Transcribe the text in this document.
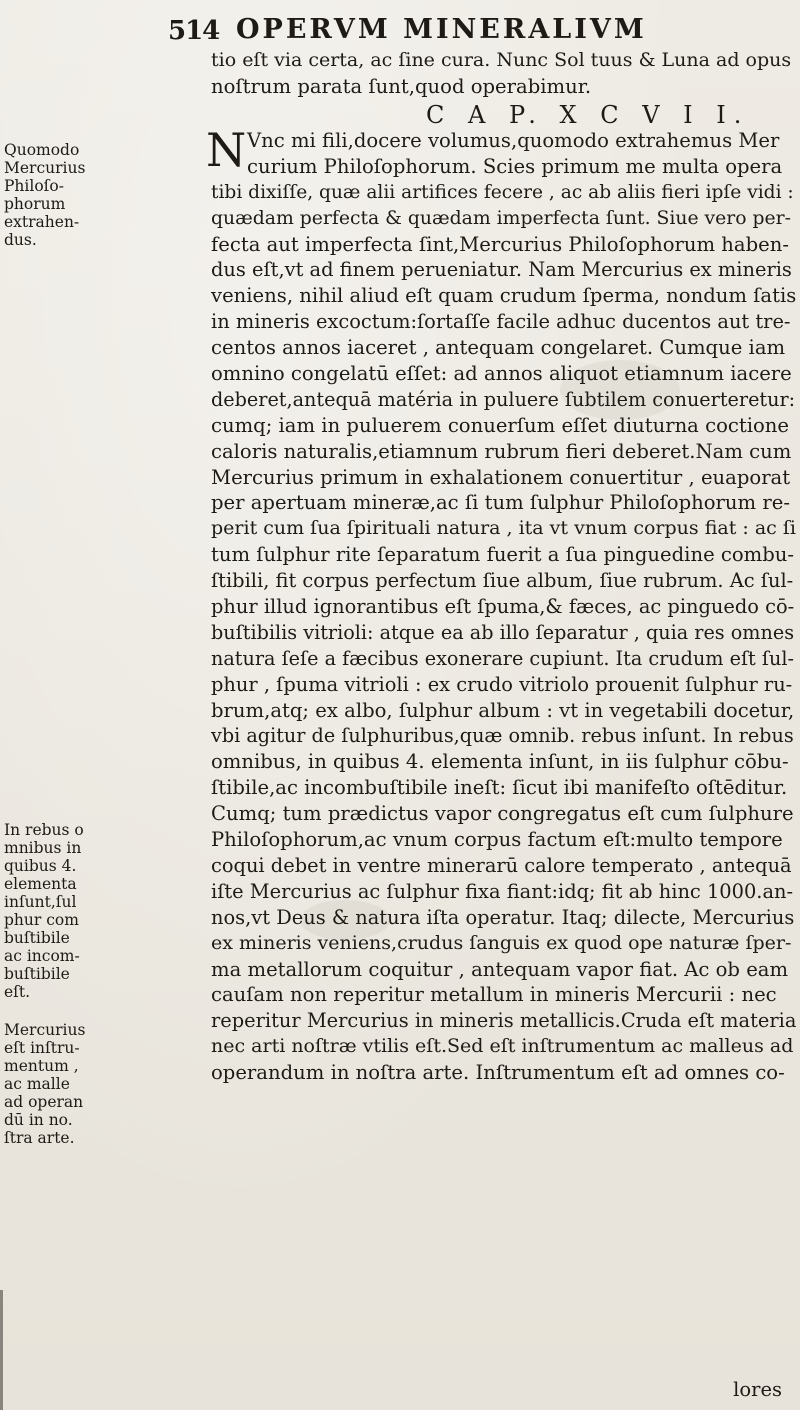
514 OPERVM MINERALIVM
tio eſt via certa, ac ſine cura. Nunc Sol tuus & Luna ad opus
noſtrum parata ſunt,quod operabimur.
C A P. X C V I I.
N Vnc mi fili,docere volumus,quomodo extrahemus Mer
curium Philoſophorum. Scies primum me multa opera
tibi dixiſſe, quæ alii artifices fecere , ac ab aliis fieri ipſe vidi :
quædam perfecta & quædam imperfecta ſunt. Siue vero per-
fecta aut imperfecta ſint,Mercurius Philoſophorum haben-
dus eſt,vt ad finem perueniatur. Nam Mercurius ex mineris
veniens, nihil aliud eſt quam crudum ſperma, nondum ſatis
in mineris excoctum:ſortaſſe facile adhuc ducentos aut tre-
centos annos iaceret , antequam congelaret. Cumque iam
omnino congelatū eſſet: ad annos aliquot etiamnum iacere
deberet,antequā matéria in puluere ſubtilem conuerteretur:
cumq; iam in puluerem conuerſum eſſet diuturna coctione
caloris naturalis,etiamnum rubrum fieri deberet.Nam cum
Mercurius primum in exhalationem conuertitur , euaporat
per apertuam mineræ,ac ſi tum ſulphur Philoſophorum re-
perit cum ſua ſpirituali natura , ita vt vnum corpus fiat : ac ſi
tum ſulphur rite ſeparatum fuerit a ſua pinguedine combu-
ſtibili, fit corpus perfectum ſiue album, ſiue rubrum. Ac ſul-
phur illud ignorantibus eſt ſpuma,& fæces, ac pinguedo cō-
buſtibilis vitrioli: atque ea ab illo ſeparatur , quia res omnes
natura ſeſe a fæcibus exonerare cupiunt. Ita crudum eſt ſul-
phur , ſpuma vitrioli : ex crudo vitriolo prouenit ſulphur ru-
brum,atq; ex albo, ſulphur album : vt in vegetabili docetur,
vbi agitur de ſulphuribus,quæ omnib. rebus inſunt. In rebus
omnibus, in quibus 4. elementa inſunt, in iis ſulphur cōbu-
ſtibile,ac incombuſtibile ineſt: ſicut ibi manifeſto oſtēditur.
Cumq; tum prædictus vapor congregatus eſt cum ſulphure
Philoſophorum,ac vnum corpus factum eſt:multo tempore
coqui debet in ventre minerarū calore temperato , antequā
iſte Mercurius ac ſulphur fixa fiant:idq; fit ab hinc 1000.an-
nos,vt Deus & natura iſta operatur. Itaq; dilecte, Mercurius
ex mineris veniens,crudus ſanguis ex quod ope naturæ ſper-
ma metallorum coquitur , antequam vapor fiat. Ac ob eam
cauſam non reperitur metallum in mineris Mercurii : nec
reperitur Mercurius in mineris metallicis.Cruda eſt materia
nec arti noſtræ vtilis eſt.Sed eſt inſtrumentum ac malleus ad
operandum in noſtra arte. Inſtrumentum eſt ad omnes co-
Quomodo
Mercurius
Philoſo-
phorum
extrahen-
dus.
In rebus o
mnibus in
quibus 4.
elementa
inſunt,ſul
phur com
buſtibile
ac incom-
buſtibile
eſt.
Mercurius
eſt inſtru-
mentum ,
ac malle
ad operan
dū in no.
ſtra arte.
lores
